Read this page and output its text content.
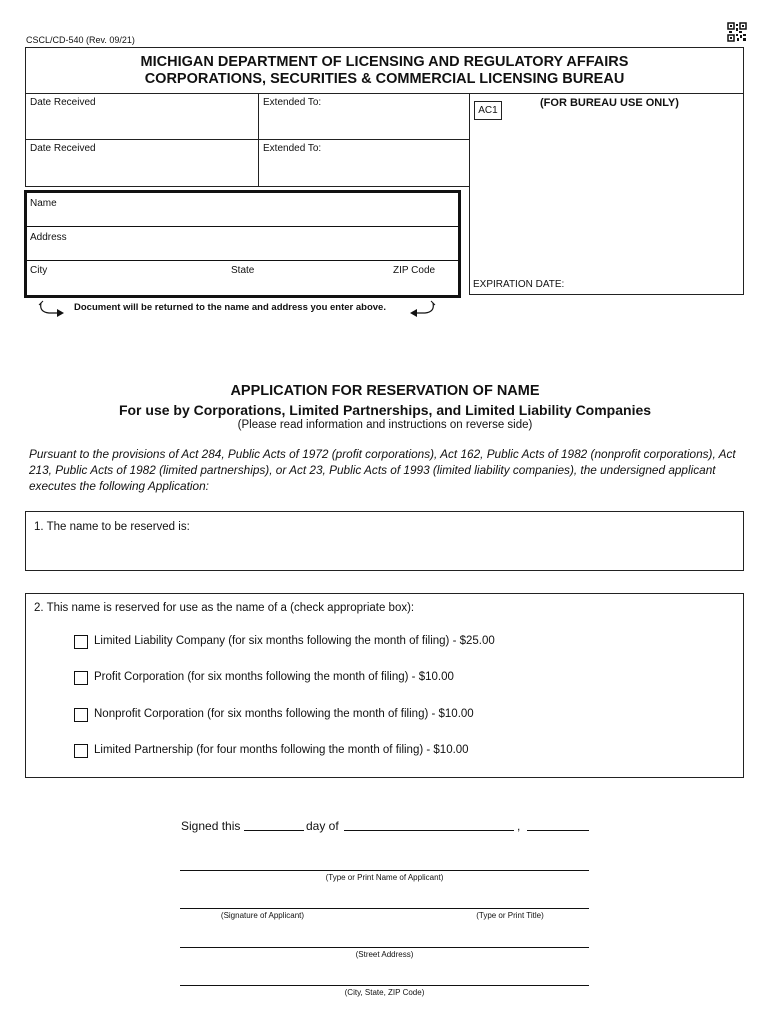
CSCL/CD-540 (Rev. 09/21)
MICHIGAN DEPARTMENT OF LICENSING AND REGULATORY AFFAIRS
CORPORATIONS, SECURITIES & COMMERCIAL LICENSING BUREAU
Date Received	Extended To:
Date Received	Extended To:
(FOR BUREAU USE ONLY)
AC1
EXPIRATION DATE:
Name
Address
City	State	ZIP Code
Document will be returned to the name and address you enter above.
APPLICATION FOR RESERVATION OF NAME
For use by Corporations, Limited Partnerships, and Limited Liability Companies
(Please read information and instructions on reverse side)
Pursuant to the provisions of Act 284, Public Acts of 1972 (profit corporations), Act 162, Public Acts of 1982 (nonprofit corporations), Act 213, Public Acts of 1982 (limited partnerships), or Act 23, Public Acts of 1993 (limited liability companies), the undersigned applicant executes the following Application:
1. The name to be reserved is:
2. This name is reserved for use as the name of a (check appropriate box):
Limited Liability Company (for six months following the month of filing) - $25.00
Profit Corporation (for six months following the month of filing) - $10.00
Nonprofit Corporation (for six months following the month of filing) - $10.00
Limited Partnership (for four months following the month of filing) - $10.00
Signed this	day of	,
(Type or Print Name of Applicant)
(Signature of Applicant)	(Type or Print Title)
(Street Address)
(City, State, ZIP Code)
